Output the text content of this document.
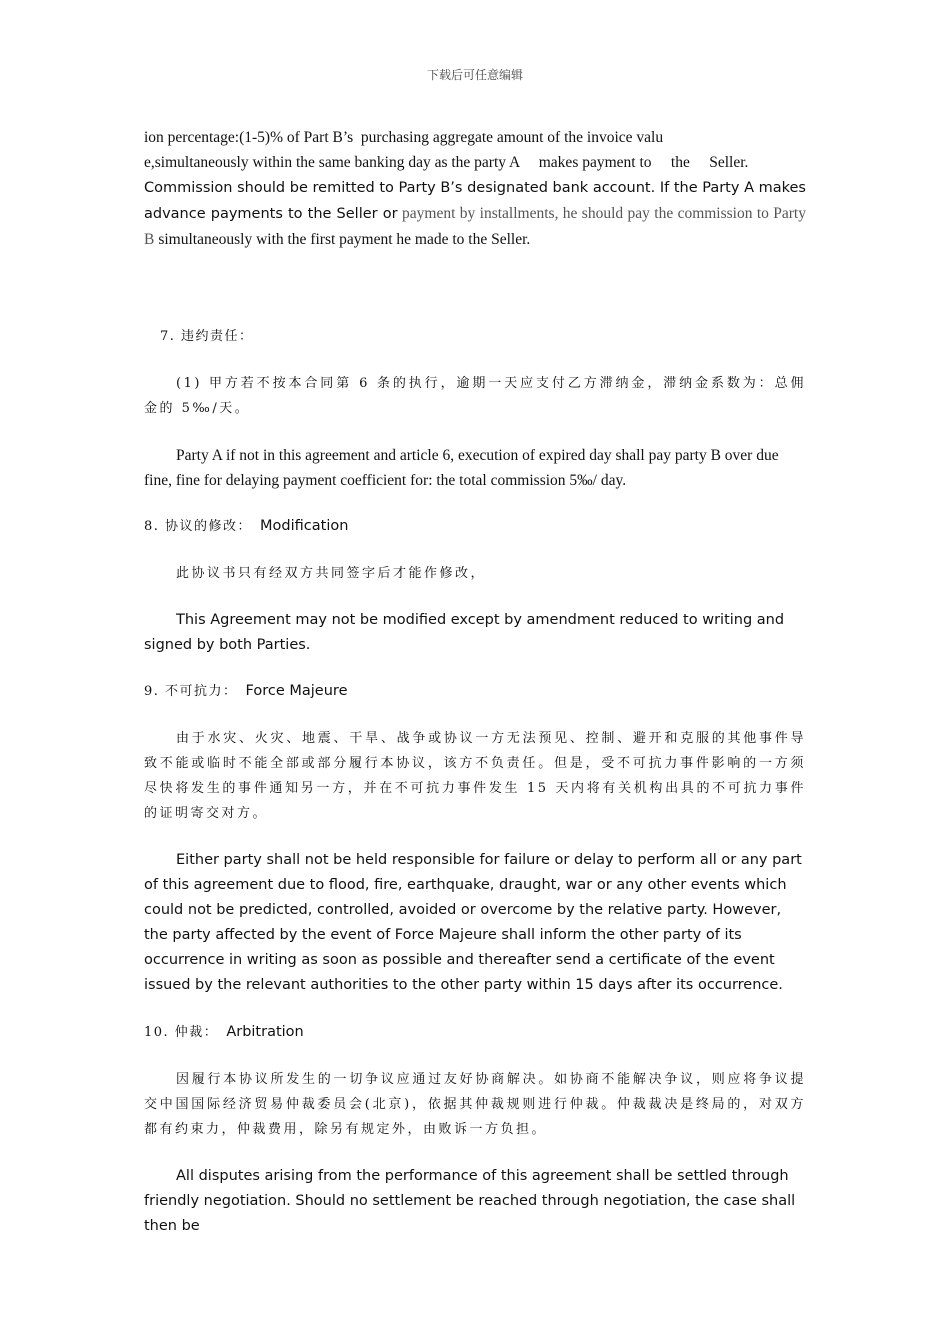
下载后可任意编辑

ion percentage:(1-5)% of Part B’s  purchasing aggregate amount of the invoice valu

e,simultaneously within the same banking day as the party A     makes payment to     the     Seller.

Commission should be remitted to Party B’s designated bank account. If the Party A makes advance payments to the Seller or payment by installments, he should pay the commission to Party B simultaneously with the first payment he made to the Seller.

7. 违约责任：

(1) 甲方若不按本合同第 6 条的执行，逾期一天应支付乙方滞纳金，滞纳金系数为：总佣金的 5‰/天。

Party A if not in this agreement and article 6, execution of expired day shall pay party B over due fine, fine for delaying payment coefficient for: the total commission 5‰/ day.

8. 协议的修改： Modification

此协议书只有经双方共同签字后才能作修改，

This Agreement may not be modified except by amendment reduced to writing and signed by both Parties.

9. 不可抗力： Force Majeure

由于水灾、火灾、地震、干旱、战争或协议一方无法预见、控制、避开和克服的其他事件导致不能或临时不能全部或部分履行本协议，该方不负责任。但是，受不可抗力事件影响的一方须尽快将发生的事件通知另一方，并在不可抗力事件发生 15 天内将有关机构出具的不可抗力事件的证明寄交对方。

Either party shall not be held responsible for failure or delay to perform all or any part of this agreement due to flood, fire, earthquake, draught, war or any other events which could not be predicted, controlled, avoided or overcome by the relative party. However, the party affected by the event of Force Majeure shall inform the other party of its occurrence in writing as soon as possible and thereafter send a certificate of the event issued by the relevant authorities to the other party within 15 days after its occurrence.

10. 仲裁： Arbitration

因履行本协议所发生的一切争议应通过友好协商解决。如协商不能解决争议，则应将争议提交中国国际经济贸易仲裁委员会(北京)，依据其仲裁规则进行仲裁。仲裁裁决是终局的，对双方都有约束力，仲裁费用，除另有规定外，由败诉一方负担。

All disputes arising from the performance of this agreement shall be settled through friendly negotiation. Should no settlement be reached through negotiation, the case shall then be
